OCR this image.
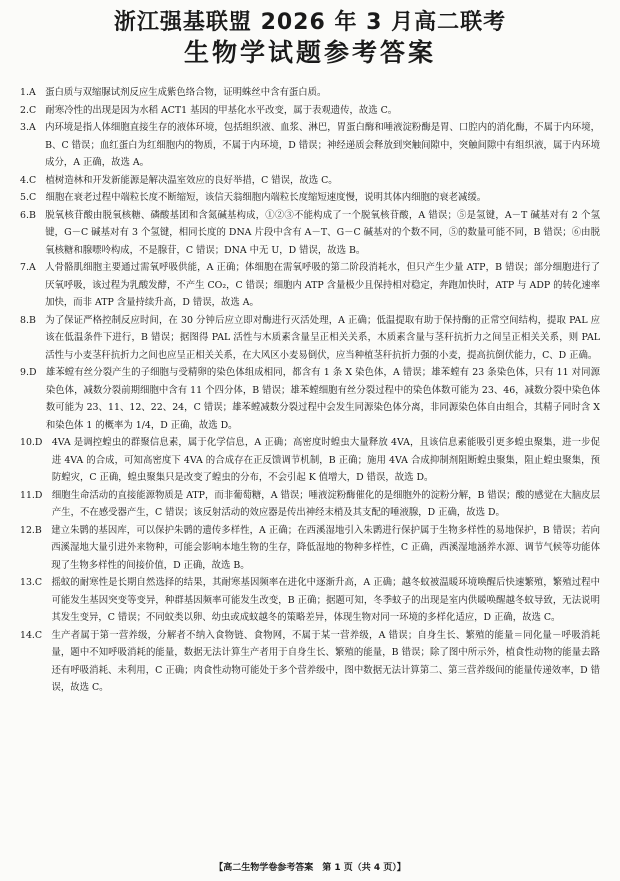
浙江强基联盟 2026 年 3 月高二联考
生物学试题参考答案
1.A　 蛋白质与双缩脲试剂反应生成紫色络合物，证明蛛丝中含有蛋白质。
2.C　 耐寒冷性的出现是因为水稻 ACT1 基因的甲基化水平改变，属于表观遗传，故选 C。
3.A　 内环境是指人体细胞直接生存的液体环境，包括组织液、血浆、淋巴，胃蛋白酶和唾液淀粉酶是胃、口腔内的消化酶，不属于内环境，B、C 错误；血红蛋白为红细胞内的物质，不属于内环境，D 错误；神经递质会释放到突触间隙中，突触间隙中有组织液，属于内环境成分，A 正确，故选 A。
4.C　 植树造林和开发新能源是解决温室效应的良好举措，C 错误，故选 C。
5.C　 细胞在衰老过程中端粒长度不断缩短，该信天翁细胞内端粒长度缩短速度慢，说明其体内细胞的衰老减缓。
6.B　 脱氧核苷酸由脱氧核糖、磷酸基团和含氮碱基构成，①②③不能构成了一个脱氧核苷酸，A 错误；⑤是氢键，A－T 碱基对有 2 个氢键，G－C 碱基对有 3 个氢键，相同长度的 DNA 片段中含有 A－T、G－C 碱基对的个数不同，⑤的数量可能不同，B 错误；⑥由脱氧核糖和腺嘌呤构成，不是腺苷，C 错误；DNA 中无 U，D 错误，故选 B。
7.A　 人骨骼肌细胞主要通过需氧呼吸供能，A 正确；体细胞在需氧呼吸的第二阶段消耗水，但只产生少量 ATP，B 错误；部分细胞进行了厌氧呼吸，该过程为乳酸发酵，不产生 CO₂，C 错误；细胞内 ATP 含量极少且保持相对稳定，奔跑加快时，ATP 与 ADP 的转化速率加快，而非 ATP 含量持续升高，D 错误，故选 A。
8.B　 为了保证严格控制反应时间，在 30 分钟后应立即对酶进行灭活处理，A 正确；低温提取有助于保持酶的正常空间结构，提取 PAL 应该在低温条件下进行，B 错误；据图得 PAL 活性与木质素含量呈正相关关系，木质素含量与茎秆抗折力之间呈正相关关系，则 PAL 活性与小麦茎秆抗折力之间也应呈正相关关系，在大风区小麦易倒伏，应当种植茎秆抗折力强的小麦，提高抗倒伏能力，C、D 正确。
9.D　 雄苯螳有丝分裂产生的子细胞与受精卵的染色体组成相同，都含有 1 条 X 染色体，A 错误；雄苯螳有 23 条染色体，只有 11 对同源染色体，减数分裂前期细胞中含有 11 个四分体，B 错误；雄苯螳细胞有丝分裂过程中的染色体数可能为 23、46，减数分裂中染色体数可能为 23、11、12、22、24，C 错误；雄苯螳减数分裂过程中会发生同源染色体分离，非同源染色体自由组合，其精子同时含 X 和染色体 1 的概率为 1/4，D 正确，故选 D。
10.D　 4VA 是调控蝗虫的群聚信息素，属于化学信息，A 正确；高密度时蝗虫大量释放 4VA，且该信息素能吸引更多蝗虫聚集，进一步促进 4VA 的合成，可知高密度下 4VA 的合成存在正反馈调节机制，B 正确；施用 4VA 合成抑制剂阻断蝗虫聚集，阻止蝗虫聚集，预防蝗灾，C 正确，蝗虫聚集只是改变了蝗虫的分布，不会引起 K 值增大，D 错误，故选 D。
11.D　 细胞生命活动的直接能源物质是 ATP，而非葡萄糖，A 错误；唾液淀粉酶催化的是细胞外的淀粉分解，B 错误；酸的感觉在大脑皮层产生，不在感受器产生，C 错误；该反射活动的效应器是传出神经末梢及其支配的唾液腺，D 正确，故选 D。
12.B　 建立朱鹮的基因库，可以保护朱鹮的遗传多样性，A 正确；在西溪湿地引入朱鹮进行保护属于生物多样性的易地保护，B 错误；若向西溪湿地大量引进外来物种，可能会影响本地生物的生存，降低湿地的物种多样性，C 正确，西溪湿地涵养水源、调节气候等功能体现了生物多样性的间接价值，D 正确，故选 B。
13.C　 摇蚊的耐寒性是长期自然选择的结果，其耐寒基因频率在进化中逐渐升高，A 正确；越冬蚊被温暖环境唤醒后快速繁殖，繁殖过程中可能发生基因突变等变异，种群基因频率可能发生改变，B 正确；据题可知，冬季蚊子的出现是室内供暖唤醒越冬蚊导致，无法说明其发生变异，C 错误；不同蚊类以卵、幼虫或成蚊越冬的策略差异，体现生物对同一环境的多样化适应，D 正确，故选 C。
14.C　 生产者属于第一营养级，分解者不纳入食物链、食物网，不属于某一营养级，A 错误；自身生长、繁殖的能量＝同化量－呼吸消耗量，题中不知呼吸消耗的能量，数据无法计算生产者用于自身生长、繁殖的能量，B 错误；除了图中所示外，植食性动物的能量去路还有呼吸消耗、未利用，C 正确；肉食性动物可能处于多个营养级中，图中数据无法计算第二、第三营养级间的能量传递效率，D 错误，故选 C。
【高二生物学卷参考答案　第 1 页（共 4 页）】
